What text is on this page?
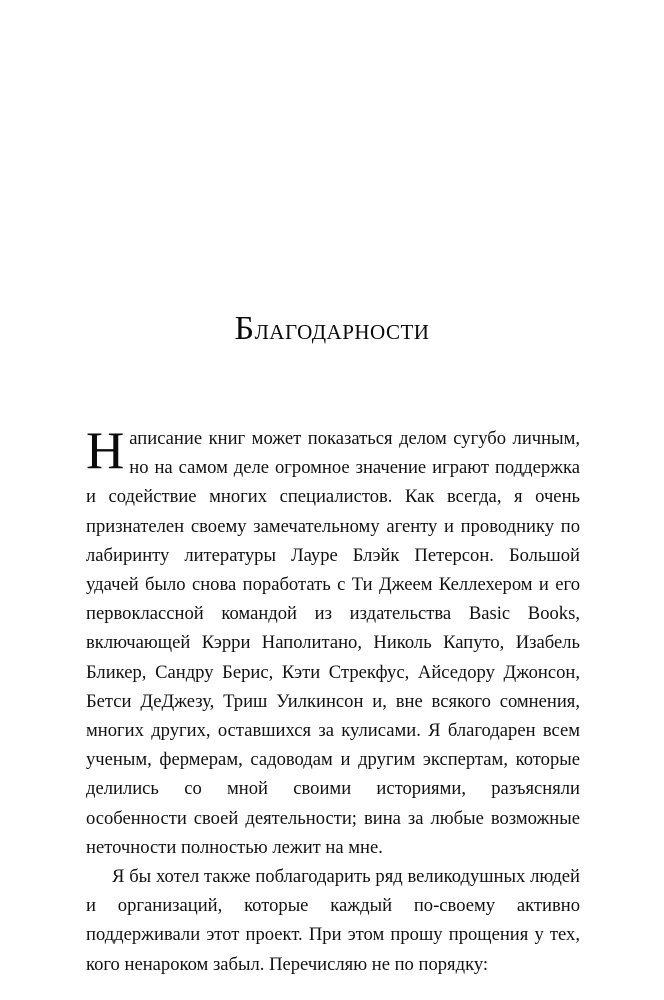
Благодарности

Написание книг может показаться делом сугубо личным, но на самом деле огромное значение играют поддержка и содействие многих специалистов. Как всегда, я очень признателен своему замечательному агенту и проводнику по лабиринту литературы Лауре Блэйк Петерсон. Большой удачей было снова поработать с Ти Джеем Келлехером и его первоклассной командой из издательства Basic Books, включающей Кэрри Наполитано, Николь Капуто, Изабель Бликер, Сандру Берис, Кэти Стрекфус, Айседору Джонсон, Бетси ДеДжезу, Триш Уилкинсон и, вне всякого сомнения, многих других, оставшихся за кулисами. Я благодарен всем ученым, фермерам, садоводам и другим экспертам, которые делились со мной своими историями, разъясняли особенности своей деятельности; вина за любые возможные неточности полностью лежит на мне.

Я бы хотел также поблагодарить ряд великодушных людей и организаций, которые каждый по-своему активно поддерживали этот проект. При этом прошу прощения у тех, кого ненароком забыл. Перечисляю не по порядку:
